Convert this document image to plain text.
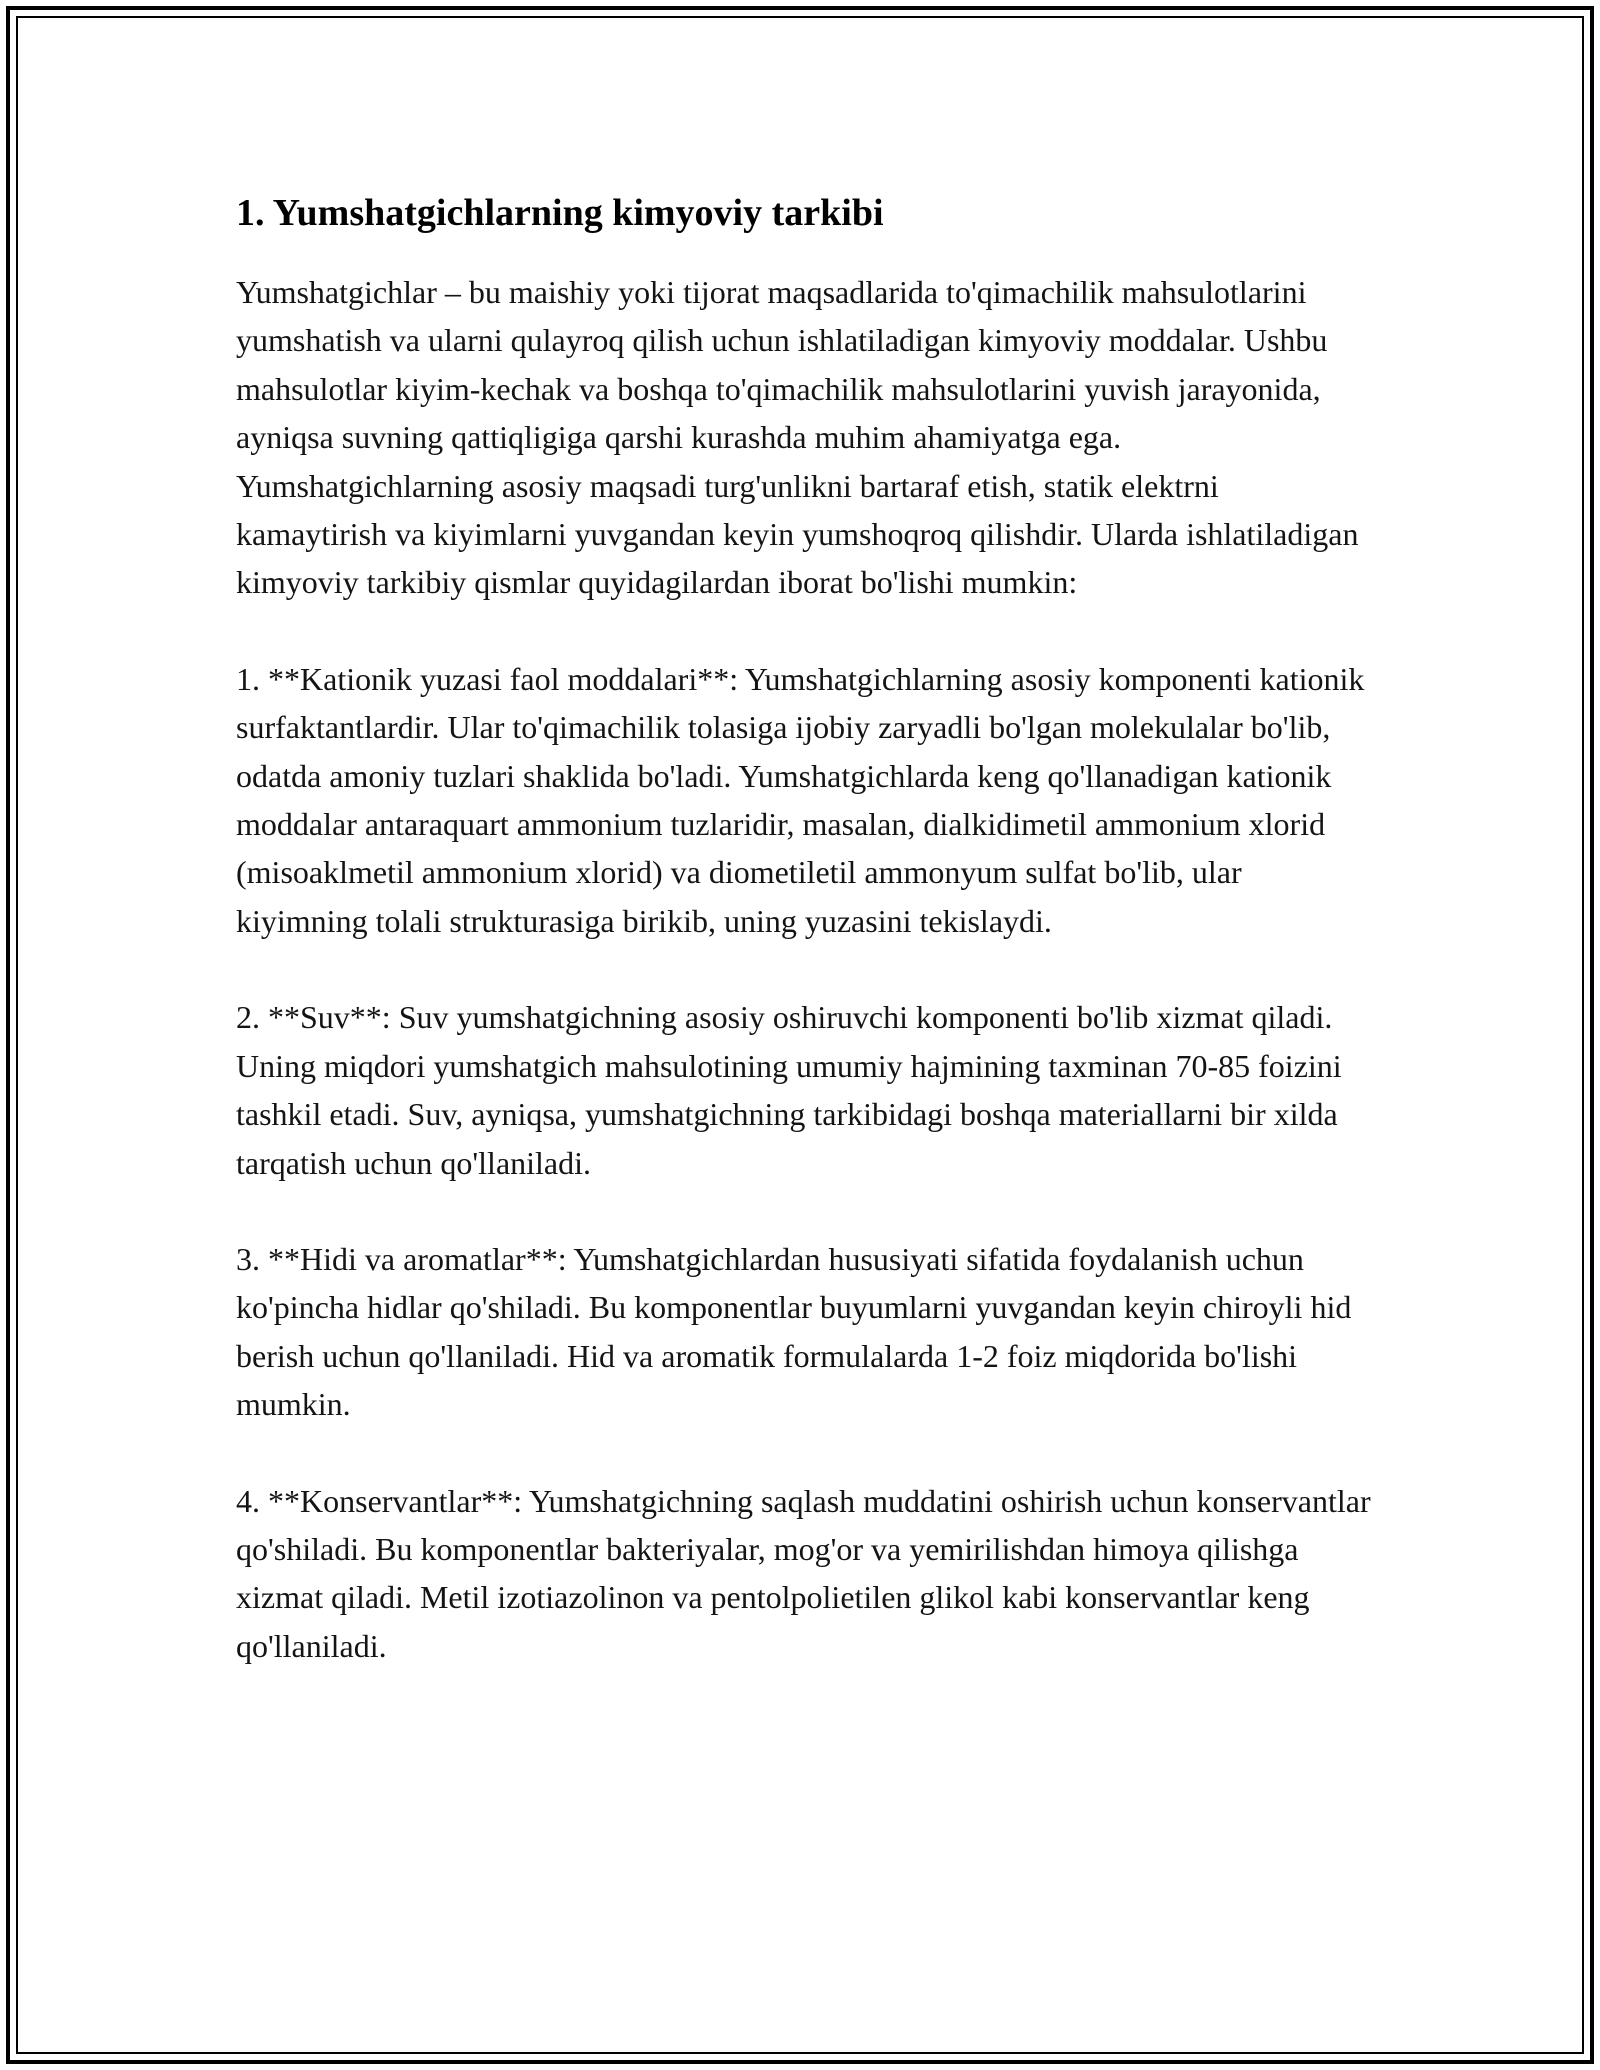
1. Yumshatgichlarning kimyoviy tarkibi

Yumshatgichlar – bu maishiy yoki tijorat maqsadlarida to'qimachilik mahsulotlarini yumshatish va ularni qulayroq qilish uchun ishlatiladigan kimyoviy moddalar. Ushbu mahsulotlar kiyim-kechak va boshqa to'qimachilik mahsulotlarini yuvish jarayonida, ayniqsa suvning qattiqligiga qarshi kurashda muhim ahamiyatga ega. Yumshatgichlarning asosiy maqsadi turg'unlikni bartaraf etish, statik elektrni kamaytirish va kiyimlarni yuvgandan keyin yumshoqroq qilishdir. Ularda ishlatiladigan kimyoviy tarkibiy qismlar quyidagilardan iborat bo'lishi mumkin:

1. **Kationik yuzasi faol moddalari**: Yumshatgichlarning asosiy komponenti kationik surfaktantlardir. Ular to'qimachilik tolasiga ijobiy zaryadli bo'lgan molekulalar bo'lib, odatda amoniy tuzlari shaklida bo'ladi. Yumshatgichlarda keng qo'llanadigan kationik moddalar antaraquart ammonium tuzlaridir, masalan, dialkidimetil ammonium xlorid (misoaklmetil ammonium xlorid) va diometiletil ammonyum sulfat bo'lib, ular kiyimning tolali strukturasiga birikib, uning yuzasini tekislaydi.

2. **Suv**: Suv yumshatgichning asosiy oshiruvchi komponenti bo'lib xizmat qiladi. Uning miqdori yumshatgich mahsulotining umumiy hajmining taxminan 70-85 foizini tashkil etadi. Suv, ayniqsa, yumshatgichning tarkibidagi boshqa materiallarni bir xilda tarqatish uchun qo'llaniladi.

3. **Hidi va aromatlar**: Yumshatgichlardan hususiyati sifatida foydalanish uchun ko'pincha hidlar qo'shiladi. Bu komponentlar buyumlarni yuvgandan keyin chiroyli hid berish uchun qo'llaniladi. Hid va aromatik formulalarda 1-2 foiz miqdorida bo'lishi mumkin.

4. **Konservantlar**: Yumshatgichning saqlash muddatini oshirish uchun konservantlar qo'shiladi. Bu komponentlar bakteriyalar, mog'or va yemirilishdan himoya qilishga xizmat qiladi. Metil izotiazolinon va pentolpolietilen glikol kabi konservantlar keng qo'llaniladi.
